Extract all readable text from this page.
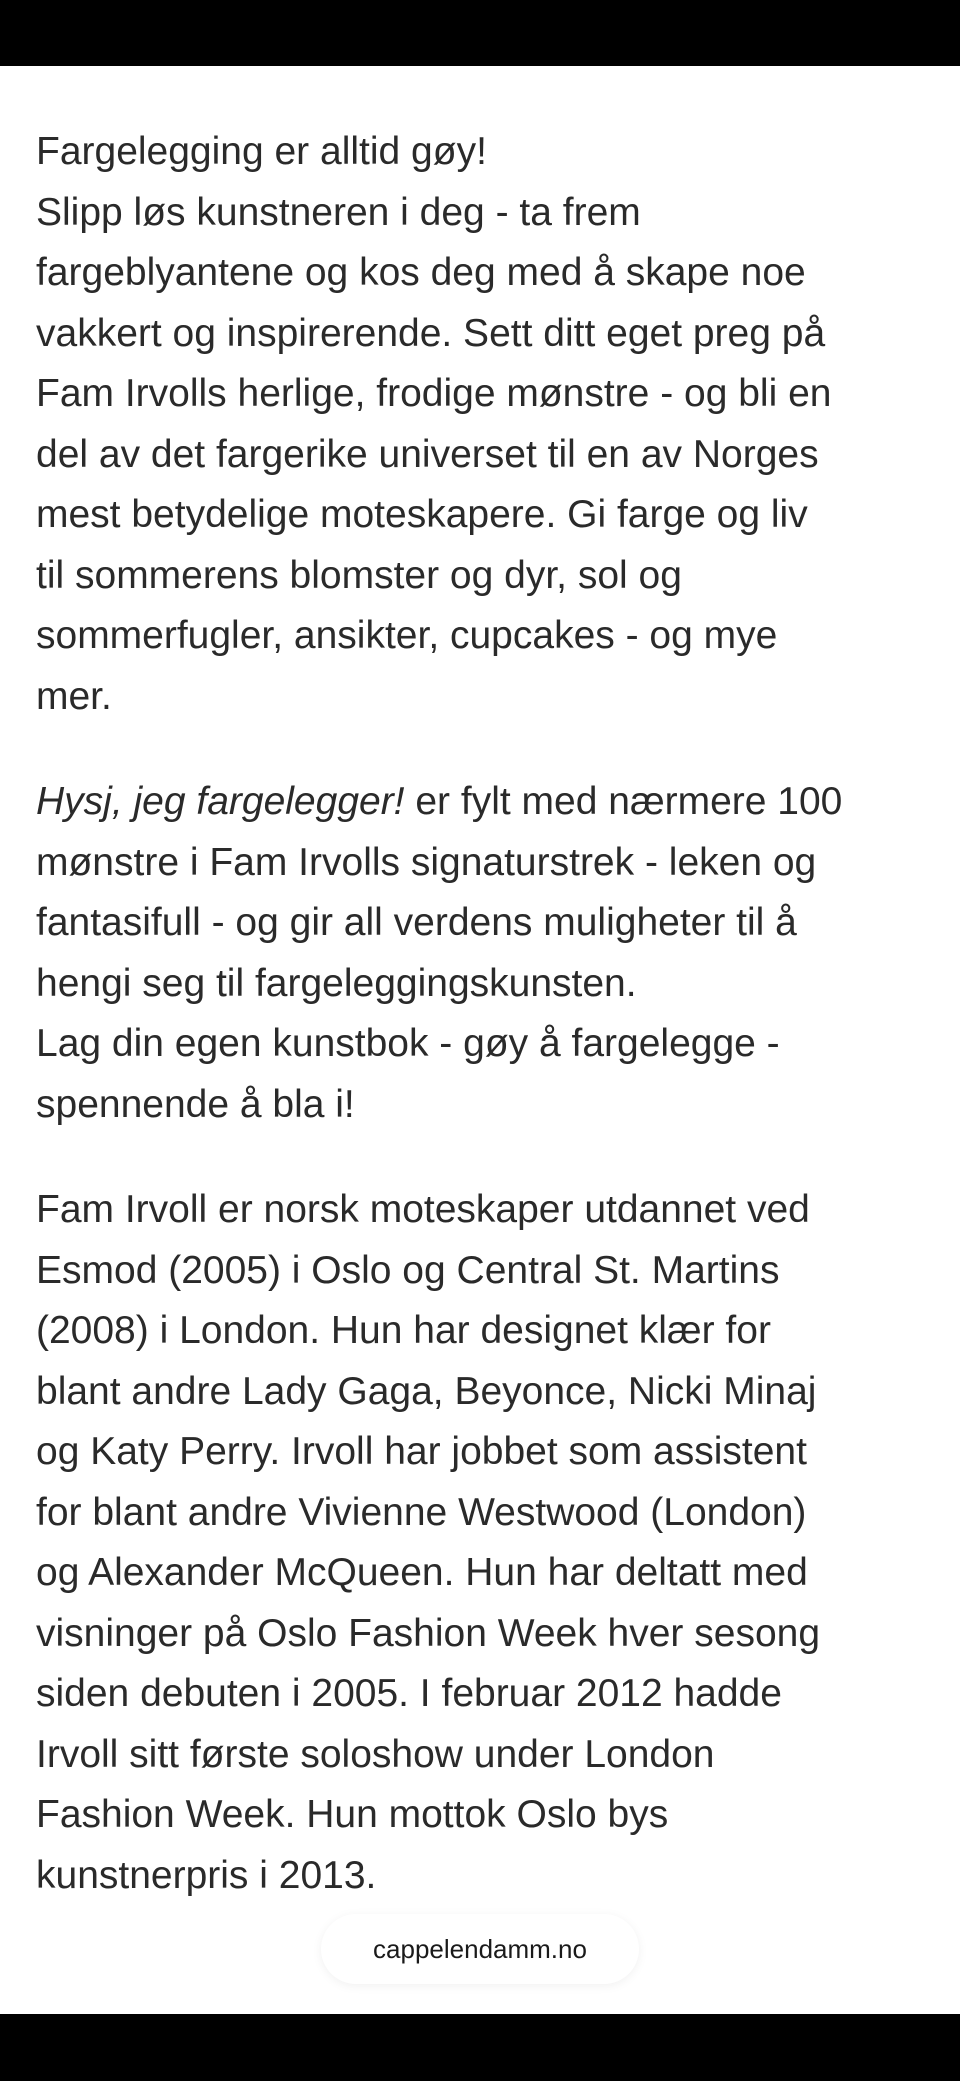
Fargelegging er alltid gøy!
Slipp løs kunstneren i deg - ta frem
fargeblyantene og kos deg med å skape noe
vakkert og inspirerende. Sett ditt eget preg på
Fam Irvolls herlige, frodige mønstre - og bli en
del av det fargerike universet til en av Norges
mest betydelige moteskapere. Gi farge og liv
til sommerens blomster og dyr, sol og
sommerfugler, ansikter, cupcakes - og mye
mer.

Hysj, jeg fargelegger! er fylt med nærmere 100
mønstre i Fam Irvolls signaturstrek - leken og
fantasifull - og gir all verdens muligheter til å
hengi seg til fargeleggingskunsten.
Lag din egen kunstbok - gøy å fargelegge -
spennende å bla i!

Fam Irvoll er norsk moteskaper utdannet ved
Esmod (2005) i Oslo og Central St. Martins
(2008) i London. Hun har designet klær for
blant andre Lady Gaga, Beyonce, Nicki Minaj
og Katy Perry. Irvoll har jobbet som assistent
for blant andre Vivienne Westwood (London)
og Alexander McQueen. Hun har deltatt med
visninger på Oslo Fashion Week hver sesong
siden debuten i 2005. I februar 2012 hadde
Irvoll sitt første soloshow under London
Fashion Week. Hun mottok Oslo bys
kunstnerpris i 2013.

cappelendamm.no
